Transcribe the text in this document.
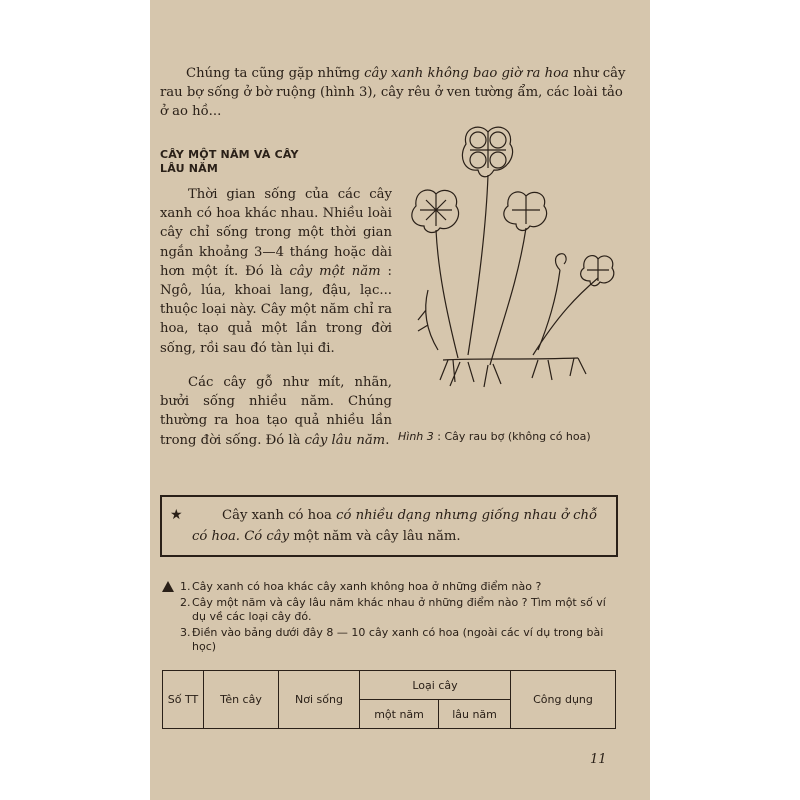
Chúng ta cũng gặp những cây xanh không bao giờ ra hoa như cây rau bợ sống ở bờ ruộng (hình 3), cây rêu ở ven tường ẩm, các loài tảo ở ao hồ...
CÂY MỘT NĂM VÀ CÂY
LÂU NĂM
Thời gian sống của các cây xanh có hoa khác nhau. Nhiều loài cây chỉ sống trong một thời gian ngắn khoảng 3—4 tháng hoặc dài hơn một ít. Đó là cây một năm : Ngô, lúa, khoai lang, đậu, lạc... thuộc loại này. Cây một năm chỉ ra hoa, tạo quả một lần trong đời sống, rồi sau đó tàn lụi đi.
Các cây gỗ như mít, nhãn, bưởi sống nhiều năm. Chúng thường ra hoa tạo quả nhiều lần trong đời sống. Đó là cây lâu năm. Hình 3 : Cây rau bợ (không có hoa)
★	Cây xanh có hoa có nhiều dạng nhưng giống nhau ở chỗ có hoa. Có cây một năm và cây lâu năm.
1. Cây xanh có hoa khác cây xanh không hoa ở những điểm nào ?
2. Cây một năm và cây lâu năm khác nhau ở những điểm nào ? Tìm một số ví dụ về các loại cây đó.
3. Điền vào bảng dưới đây 8 — 10 cây xanh có hoa (ngoài các ví dụ trong bài học)
Số TT	Tên cây	Nơi sống	Loại cây		Công dụng
			một năm	lâu năm	
11
